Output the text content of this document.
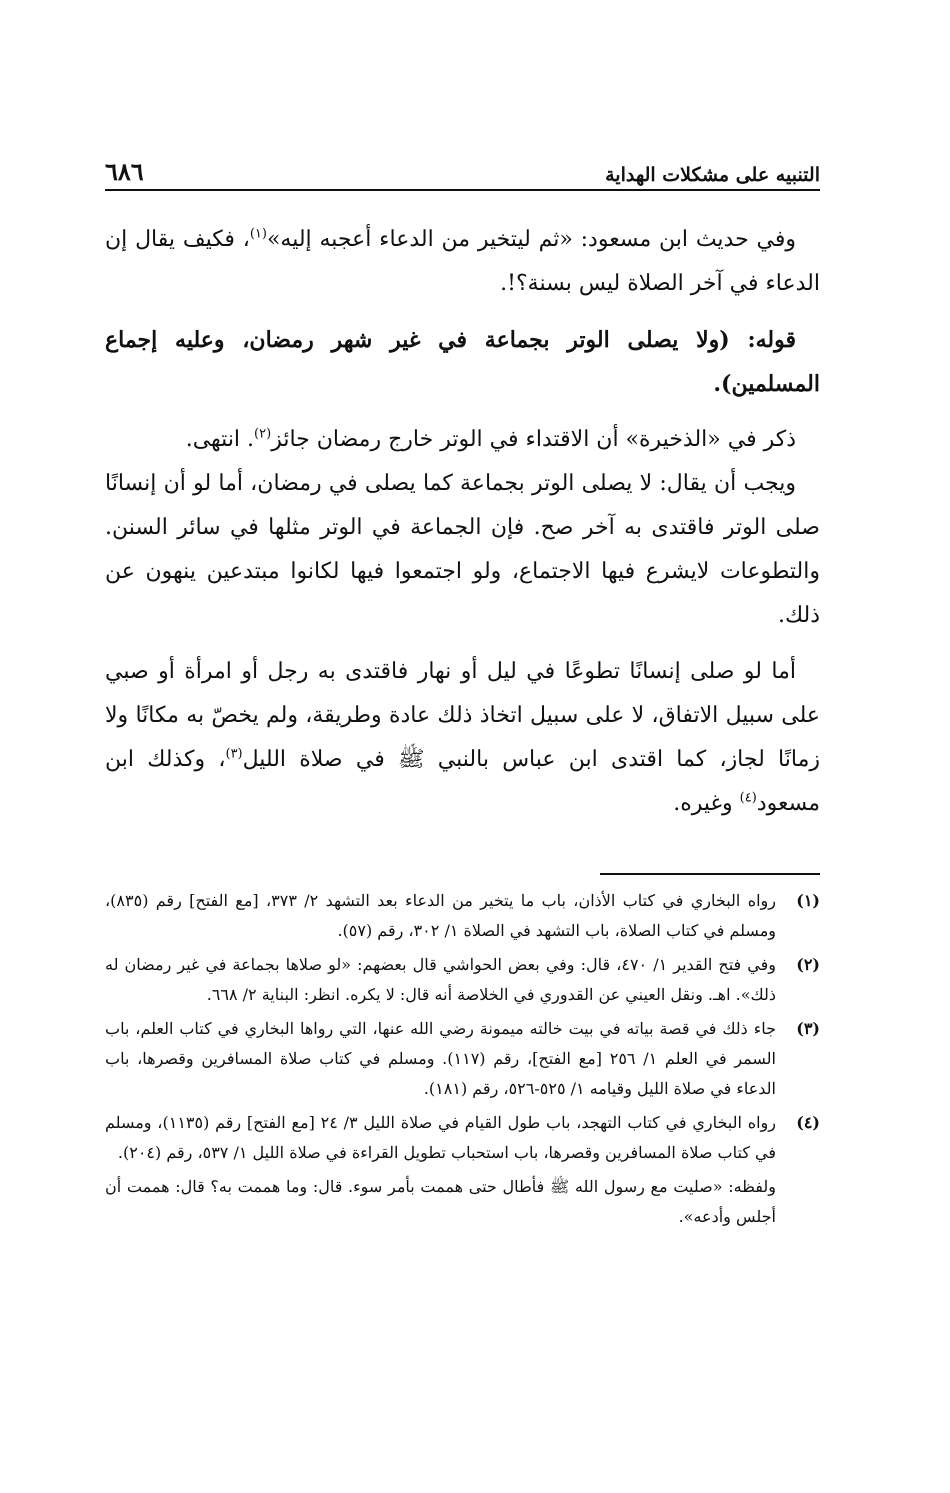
التنبيه على مشكلات الهداية
٦٨٦

وفي حديث ابن مسعود: «ثم ليتخير من الدعاء أعجبه إليه»$^{(١)}$، فكيف يقال إن الدعاء في آخر الصلاة ليس بسنة؟!.

قوله: (ولا يصلى الوتر بجماعة في غير شهر رمضان، وعليه إجماع المسلمين).

ذكر في «الذخيرة» أن الاقتداء في الوتر خارج رمضان جائز$^{(٢)}$. انتهى.

ويجب أن يقال: لا يصلى الوتر بجماعة كما يصلى في رمضان، أما لو أن إنسانًا صلى الوتر فاقتدى به آخر صح. فإن الجماعة في الوتر مثلها في سائر السنن. والتطوعات لايشرع فيها الاجتماع، ولو اجتمعوا فيها لكانوا مبتدعين ينهون عن ذلك.

أما لو صلى إنسانًا تطوعًا في ليل أو نهار فاقتدى به رجل أو امرأة أو صبي على سبيل الاتفاق، لا على سبيل اتخاذ ذلك عادة وطريقة، ولم يخصّ به مكانًا ولا زمانًا لجاز، كما اقتدى ابن عباس بالنبي ﷺ في صلاة الليل$^{(٣)}$، وكذلك ابن مسعود$^{(٤)}$ وغيره.

(١)
رواه البخاري في كتاب الأذان، باب ما يتخير من الدعاء بعد التشهد ٢/ ٣٧٣، [مع الفتح] رقم (٨٣٥)، ومسلم في كتاب الصلاة، باب التشهد في الصلاة ١/ ٣٠٢، رقم (٥٧).
(٢)
وفي فتح القدير ١/ ٤٧٠، قال: وفي بعض الحواشي قال بعضهم: «لو صلاها بجماعة في غير رمضان له ذلك». اهـ. ونقل العيني عن القدوري في الخلاصة أنه قال: لا يكره. انظر: البناية ٢/ ٦٦٨.
(٣)
جاء ذلك في قصة بياته في بيت خالته ميمونة رضي الله عنها، التي رواها البخاري في كتاب العلم، باب السمر في العلم ١/ ٢٥٦ [مع الفتح]، رقم (١١٧). ومسلم في كتاب صلاة المسافرين وقصرها، باب الدعاء في صلاة الليل وقيامه ١/ ٥٢٥-٥٢٦، رقم (١٨١).
(٤)
رواه البخاري في كتاب التهجد، باب طول القيام في صلاة الليل ٣/ ٢٤ [مع الفتح] رقم (١١٣٥)، ومسلم في كتاب صلاة المسافرين وقصرها، باب استحباب تطويل القراءة في صلاة الليل ١/ ٥٣٧، رقم (٢٠٤).
ولفظه: «صليت مع رسول الله ﷺ فأطال حتى هممت بأمر سوء. قال: وما هممت به؟ قال: هممت أن أجلس وأدعه».
